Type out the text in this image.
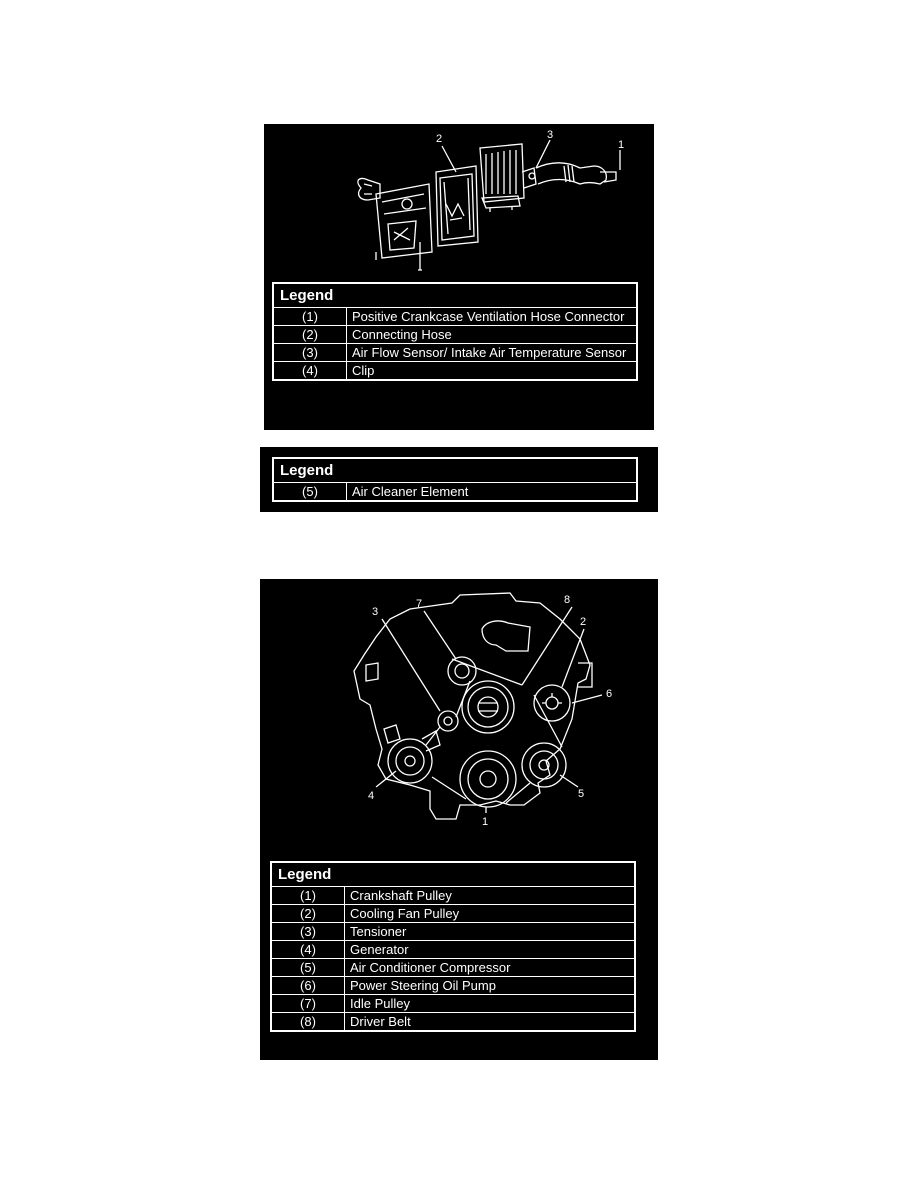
2	3
1
Legend	
(1)	Positive Crankcase Ventilation Hose Connector
(2)	Connecting Hose
(3)	Air Flow Sensor/ Intake Air Temperature Sensor
(4)	Clip
Legend
(5)	Air Cleaner Element
3
7	8
2
6
4
1
5
Legend	
(1)	Crankshaft Pulley
(2)	Cooling Fan Pulley
(3)	Tensioner
(4)	Generator
(5)	Air Conditioner Compressor
(6)	Power Steering Oil Pump
(7)	Idle Pulley
(8)	Driver Belt
